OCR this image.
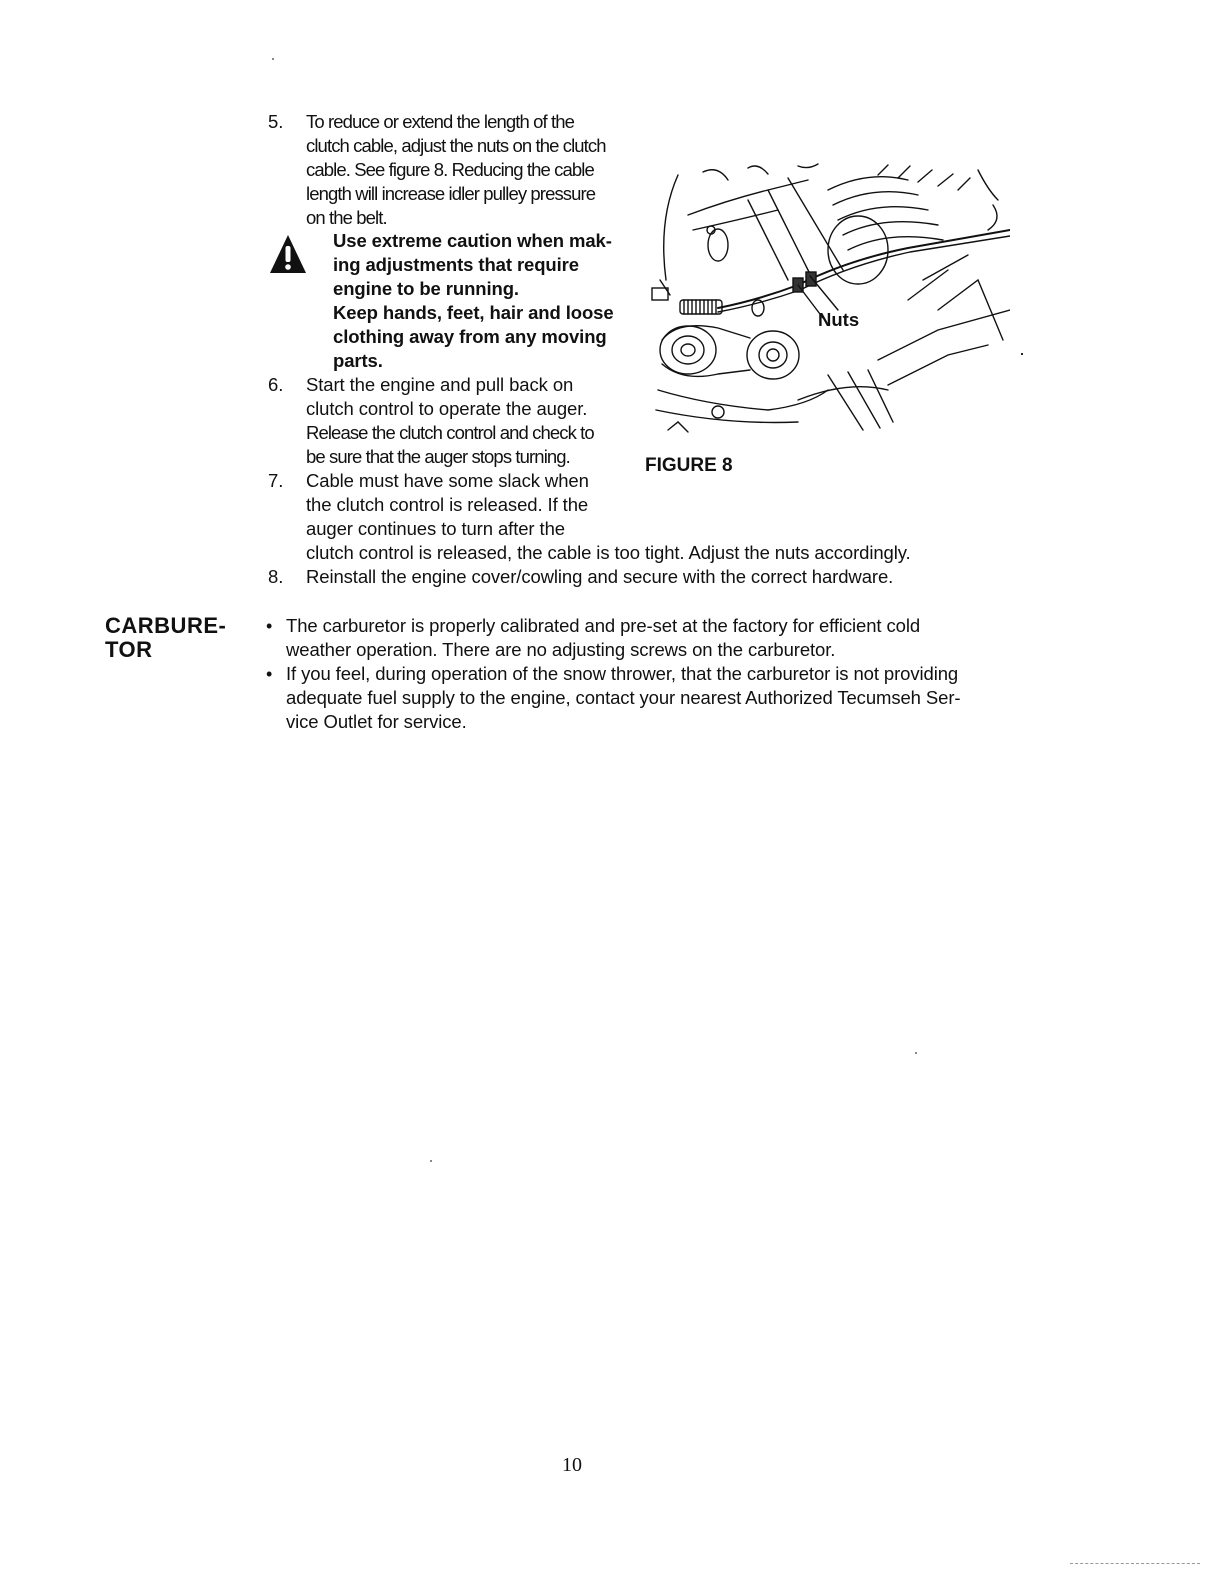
5. To reduce or extend the length of the
clutch cable, adjust the nuts on the clutch
cable. See figure 8. Reducing the cable
length will increase idler pulley pressure
on the belt.
Use extreme caution when mak-
ing adjustments that require
engine to be running.
Keep hands, feet, hair and loose
clothing away from any moving
parts.
6. Start the engine and pull back on
clutch control to operate the auger.
Release the clutch control and check to
be sure that the auger stops turning.
7. Cable must have some slack when
the clutch control is released. If the
auger continues to turn after the
clutch control is released, the cable is too tight. Adjust the nuts accordingly.
8. Reinstall the engine cover/cowling and secure with the correct hardware.
Nuts
FIGURE 8
CARBURE-
TOR
• The carburetor is properly calibrated and pre-set at the factory for efficient cold
weather operation. There are no adjusting screws on the carburetor.
• If you feel, during operation of the snow thrower, that the carburetor is not providing
adequate fuel supply to the engine, contact your nearest Authorized Tecumseh Ser-
vice Outlet for service.
10
